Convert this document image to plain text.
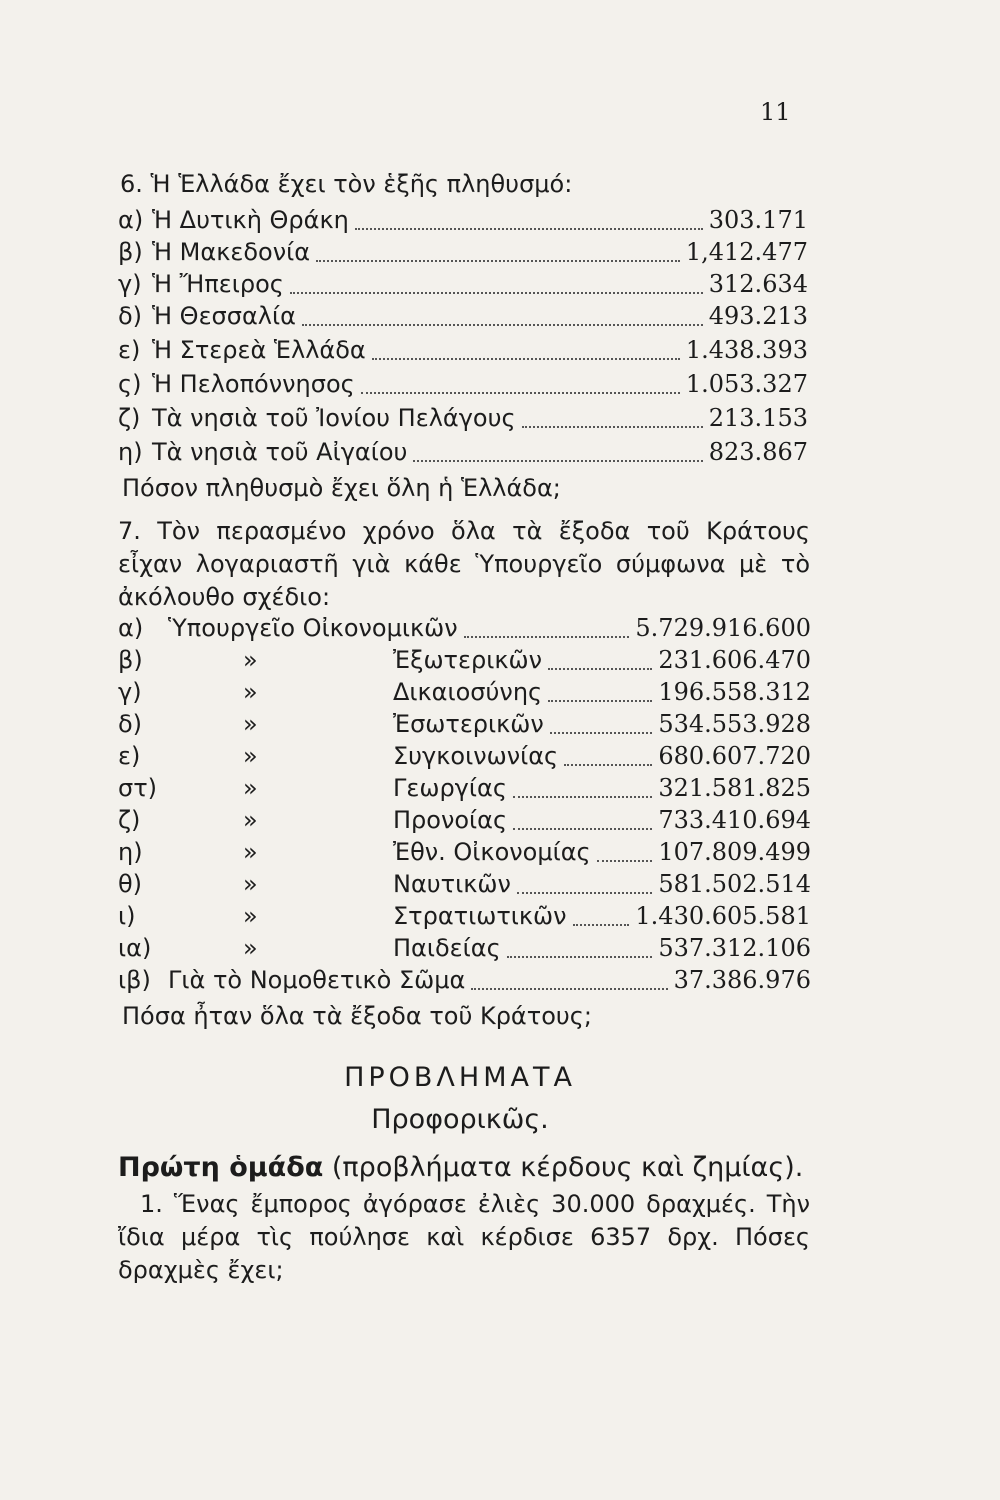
11
6. Ἡ Ἑλλάδα ἔχει τὸν ἑξῆς πληθυσμό:
α) Ἡ Δυτικὴ Θράκη	303.171
β) Ἡ Μακεδονία	1,412.477
γ) Ἡ Ἤπειρος	312.634
δ) Ἡ Θεσσαλία	493.213
ε) Ἡ Στερεὰ Ἑλλάδα	1.438.393
ς) Ἡ Πελοπόννησος	1.053.327
ζ) Τὰ νησιὰ τοῦ Ἰονίου Πελάγους	213.153
η) Τὰ νησιὰ τοῦ Αἰγαίου	823.867
Πόσον πληθυσμὸ ἔχει ὅλη ἡ Ἑλλάδα;
7. Τὸν περασμένο χρόνο ὅλα τὰ ἔξοδα τοῦ Κράτους εἶχαν λογαριαστῆ γιὰ κάθε Ὑπουργεῖο σύμφωνα μὲ τὸ ἀκόλουθο σχέδιο:
α)	Ὑπουργεῖο Οἰκονομικῶν	5.729.916.600
β)	»	Ἐξωτερικῶν	231.606.470
γ)	»	Δικαιοσύνης	196.558.312
δ)	»	Ἐσωτερικῶν	534.553.928
ε)	»	Συγκοινωνίας	680.607.720
στ)	»	Γεωργίας	321.581.825
ζ)	»	Προνοίας	733.410.694
η)	»	Ἐθν. Οἰκονομίας	107.809.499
θ)	»	Ναυτικῶν	581.502.514
ι)	»	Στρατιωτικῶν	1.430.605.581
ια)	»	Παιδείας	537.312.106
ιβ) Γιὰ τὸ Νομοθετικὸ Σῶμα	37.386.976
Πόσα ἦταν ὅλα τὰ ἔξοδα τοῦ Κράτους;
ΠΡΟΒΛΗΜΑΤΑ
Προφορικῶς.
Πρώτη ὁμάδα (προβλήματα κέρδους καὶ ζημίας).
1. Ἕνας ἔμπορος ἀγόρασε ἐλιὲς 30.000 δραχμές. Τὴν ἴδια μέρα τὶς πούλησε καὶ κέρδισε 6357 δρχ. Πόσες δραχμὲς ἔχει;
